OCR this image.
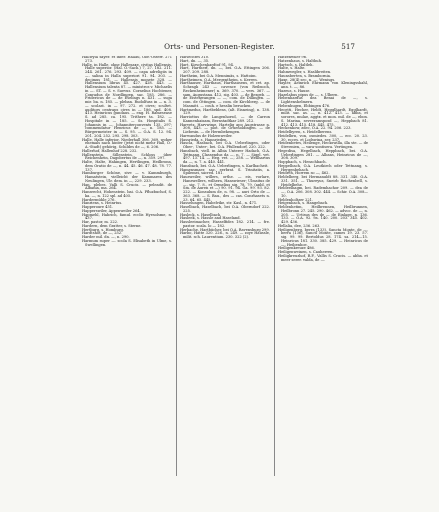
Orts- und Personen-Register.	517

Hallwyla sayer. et infer. Hallau, Obr.-Osterr. 271 273.

Halle, in Halle, ohne Hallesaxe, civitas Hallensis, Halle superior. (Hal. O.-Sach.) 7, 27. 182. 211. 244. 261. 276. 293. 409. — capa adreligiis in —. salina in Halla superiori 91. 94. 303. — decimus 181. — Hallensis monete 328. — Hallensium libras 45. 427. 428. 443. — Hallensium talenta 87. — ministros v. Michaelis in —. ST. — S. v. Suevus. Cornelius Hochtener, Conradus de Nordlingen, sac. 185. 286. — Fridericus de — de Eselings n. 431. — suga mir. ba. n. 185. — pleban. Rudolfuss in — n. 3. — scolast. in — 97. 272. et cives; scultet. auditors centraps cives in — 186. spd. 408. 413. Heinricus gundaus. — eng. H. Ramesease S. ad 285. ca. 195. Trithere ta. 182. — Hospitale in — 185. — Ss. Hospitalis S. Johannis in —, Johanniterconvents 135. 297; commendatur Henricus de —, n. 185. — Bürgermeister in — S. 95. — O.A. S. 12. 94. 201. 204. 252. 295. 298. 303.

Halle, Halle inferior, Niederhall 306. 369, woher ehemals nach hinter (jetzt nicht mehr Hall, O.-A.-Stadt) gehörig, Schildes de —, 6. 206.

Hallerhof, Hallenhof 228. 232.

Hallenstein, Sillenstein, Schloss über Reichenhein, Dagobertus de —, n. 359. 297.

Halte, Halte, Hahingen, Hertlingen, Heilbronn, dem Oratio de —, n. 44. 45. 46. 47. 48. 78. 77. 137.

Hamburger Schöne, sive — v. Kammburgh, Hamatstein, vielleicht der Kammaren des Neulingen, Ulr. dem. in —, 229. 233.

Han, plebes. Valli S. Crucis. — peleadit. de Albania, ma. 264.

Hansrecht, Hohenstein. bai. O.A. Pfluzbuchof, S. ka. —, n. 122 spl. ad 405.

Hardermühle 276.

Hanriens, s. Heinrtus.

Happeroure 451.

Happerswiler, Appenweiler 264.

Hapmehl, Hahrich, famul. ecclis Hyesolsme, n. 437.

Har, pastor, m. 222.

Hardern, dem Gratter, s. Sterne.

Hertburg, s. Homburg.

Hardtshot, de —, 252.

Harder mil. dn. —, n. 290.

Harmum super —. scola S. Elisabeth in Ulme, s. Swellingen.

Harlechtes 310.

Hart, dn. —, 35.

Hart, Kirschenhardtof 91. 94.

Hart, Hartherf, dn. —, bei. O.A. Ettingen 206. 207. 209. 288.

Hartheim, bei O.A. Mennimäs, s. Hattoim.

Hartheimen, O.A. Mergentheim, s. Kerren.

Harthauser, Harthaus, Harthausens, et cet. ap. Schragk 243 — cavence (von Reibsoch, Reckenheimener) n. 369. 370. — vers. 367. — sam. Augustana. 412, sig. 403. — de Bezgeb. — de Eistenwangen — —, com. de Dillingen. — com. de Öttingen. — com. de Kirchberg. — de Masmitt. — couh. e hesslin berucken.

Hartmedus, Hartbeblens, (alt. Eisneing), n. 138. 129.

Harriottus de Langenhorsd, — de Carron Kannenhaisam, Bernstadtkar 289. 212.

Harvetz, Harvwime, Hartelig apo Augstrasse n. 308, 443. — plot. de Gruenoldingen. — de Liebesin. — de Hermbekengen.

Harwandus de Holzenweiler.

Hassrieda, s. Hannrieden.

Hascla, Hasbach, bei O.A. Ueberlingen, oder Ober-, Unter-, bei. O.A. Pfullendorf, 220. 222.

Hansbach, viell. in Albia Unterer Hadach, O.A. Tettnang, Classendus da —, n. 7. — Sigel. vet. 497. 13. 14. — Heg. vet. —, 258. — Weilhartus da —, n. 7. a. 440. 441.

Hansbach, bei. O.A. Ueberlingen, s. Karlbacheit.

Hamensmaer, sac. eerbrat. S. Trinitatis, a. Spilemei, sacred. 181.

Hausweiler, willers, orthe. — eis, vorlare, Hanswellers, wilhern, Hanswieser; Ulmsitus de —, sig. 7. 8., et Ormelius sig. 78. 79. (anbl. et Sm. de Auren et —) 90. 91. 94. Ga. 99. 93. 82. 222. — Konsulum de, n. 98. — auri Orto de — 363. 368. — S. Bau., des — cas. Conrhasets n. 23. 64. 65. 445.

Hasselungen, Habelvike, str. Kasl., n. 471.

Haselbach, Haselbach, bei O.A. Oberndorf 222. 225.

Hasleck, s. Haselbach.

Hasleek, s. Hassle and Haseland.

Hassleeimacher, Hasselfides 182. 214. — fre. pastor. scala. lo — 182.

Herbache, Hartbücher, bei O.A. Ravensburg 299.

Harbo, Hatte 320. 226., n. 249. — zoye Haussle, milit. sch. Laurentium. 230. 322 (2).

Hatzenwiler 96.

Hatzenhaus, s. Halthuh.

Hartsch, s. Haltleh.

Halte, s. Halte.

Hahmwegler, s. Haslibreiten.

Haunsberten, s. Brambornia.

Haxe, 28(4) sec. n. —, Wenisgs.

Hayler, Aeinrich Ehrmann von Kleningsshahl, ann. t. —, 86.

Hazeus, s. Hause.

Hazelabus pipus de —, s. Ulbern.

Hebenhardus dea Benai de —, s. Lightenshelmern.

Hebenhugen, Ebbingen 476.

Hecetti, Hecher, Heldt, Hegglhardt, Egglhardt, milit. sac. as. —, n. 412. 413. — abba, et sorores, mulae, aggtx. et mon. mil. de —, ebon. S. Marina, seveeramsposd —, Heppbach 81. 412. 413. 415. 418. 445. 475.

Heckenhow, zdec, O.A. 22. 94. 206. 223.

Heidelbyren, s. Heidelberens.

Heidelbrn, von, osmiedes. 300, — ecc. 20. 23. 30. ecces. et Lodswina, ser. 237.

Heidenbetes, Heilenge, Heckswilla, illa ste. — de Stevenien, — vara-sontisera. Vertingen.

Hegedisa, Hegelbach, Heppbach, bei. O.A. Ueberlingen 281. — Albans, Heinricus de —, 308. 309.

Hoppbach, s. Henschbach.

Heppelbach, O.A. Leutkirch oder Tettnang, s. Hergenbehach.

Heidreh, Horrem so —, 462.

Heldelberg, bei Hermanuldt 88. 331. 340. O.A. 331. 351. — Thureyus, Sneirb Reichenbell, s. Heidelbehe.

Heldeelhagm, bei. Rademhachor 209. — dea de —, O.A. 206. 308. 302. 444. — Schir. O.A. 308—10.

Heldenholtzer 221.

Heigenbach, s. Hangebach.

Heldenhetim, Heilbrennen, Heilbrunnen, Heilbronn 27. 245. 290. 462. — advoc. de —, n. 205. — Urtisus des de — de Einlage, n. 136. 133. — O.A. 92. 9a. 140. 200. 203. 345. 402. 429. 436.

Hellalia, dee, 236. 263.

Heiligenberg, berra (133), Sancta Monte, de —, berra (136), Sanctl Monte, cames 19. 23. 57. sig. 99. 99. Bertoldus 28. 174. sa. 214—15. Heinricus 181. 330. 385. 429. — Heinricus de —, Heibenhoe.

Heiligenkreuze 486.

Heiligenweinen, s. Cauherren.

Heiligkreuzhof, R.F., Vallis S. Crucis. — abba. et meer serer. valda, de —.
